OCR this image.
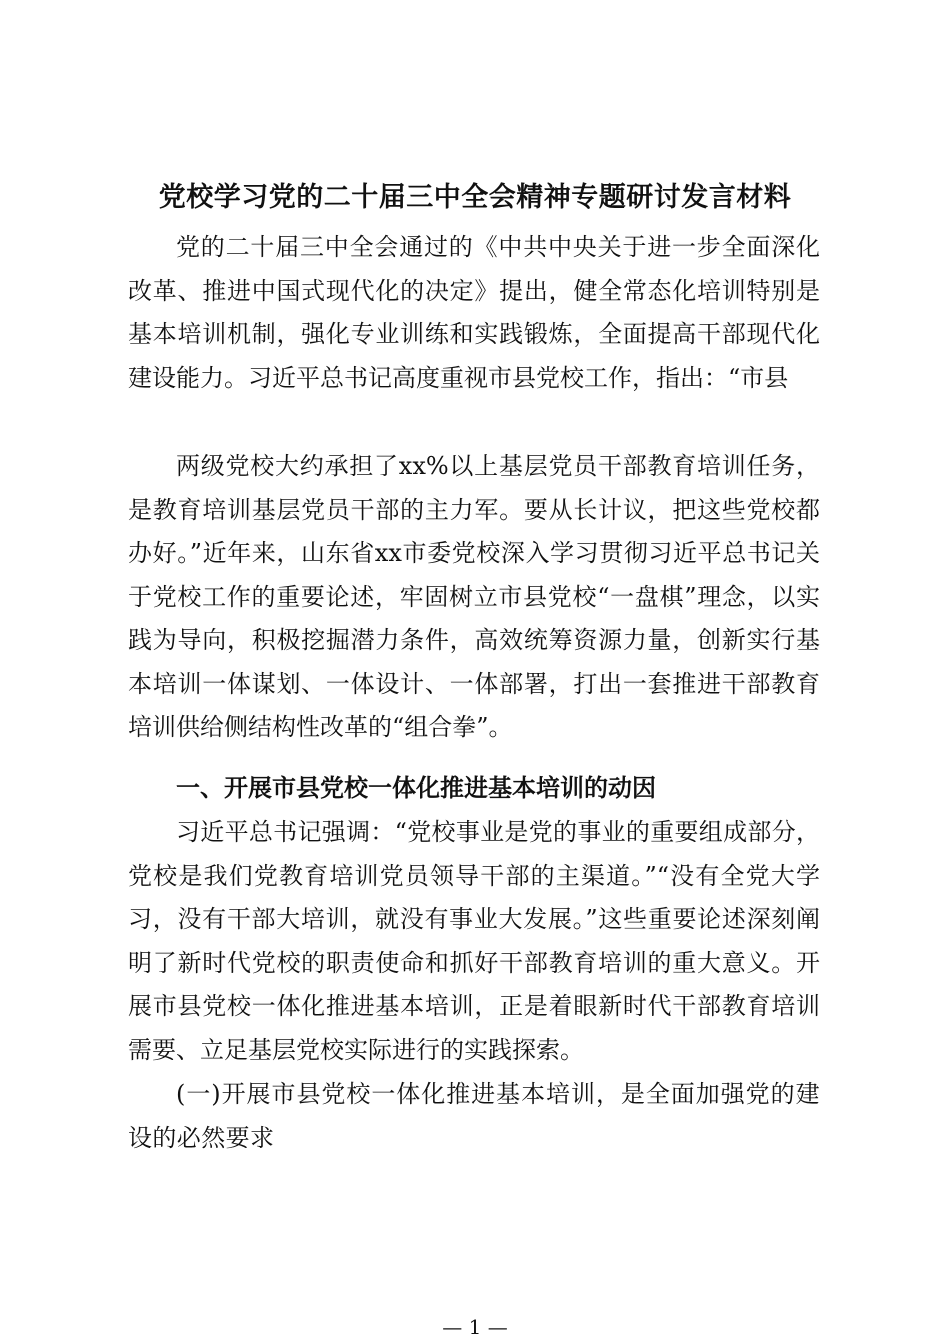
党校学习党的二十届三中全会精神专题研讨发言材料

党的二十届三中全会通过的《中共中央关于进一步全面深化改革、推进中国式现代化的决定》提出，健全常态化培训特别是基本培训机制，强化专业训练和实践锻炼，全面提高干部现代化建设能力。习近平总书记高度重视市县党校工作，指出：“市县

两级党校大约承担了xx%以上基层党员干部教育培训任务，是教育培训基层党员干部的主力军。要从长计议，把这些党校都办好。”近年来，山东省xx市委党校深入学习贯彻习近平总书记关于党校工作的重要论述，牢固树立市县党校“一盘棋”理念，以实践为导向，积极挖掘潜力条件，高效统筹资源力量，创新实行基本培训一体谋划、一体设计、一体部署，打出一套推进干部教育培训供给侧结构性改革的“组合拳”。

一、开展市县党校一体化推进基本培训的动因

习近平总书记强调：“党校事业是党的事业的重要组成部分，党校是我们党教育培训党员领导干部的主渠道。”“没有全党大学习，没有干部大培训，就没有事业大发展。”这些重要论述深刻阐明了新时代党校的职责使命和抓好干部教育培训的重大意义。开展市县党校一体化推进基本培训，正是着眼新时代干部教育培训需要、立足基层党校实际进行的实践探索。

(一)开展市县党校一体化推进基本培训，是全面加强党的建设的必然要求

— 1 —
